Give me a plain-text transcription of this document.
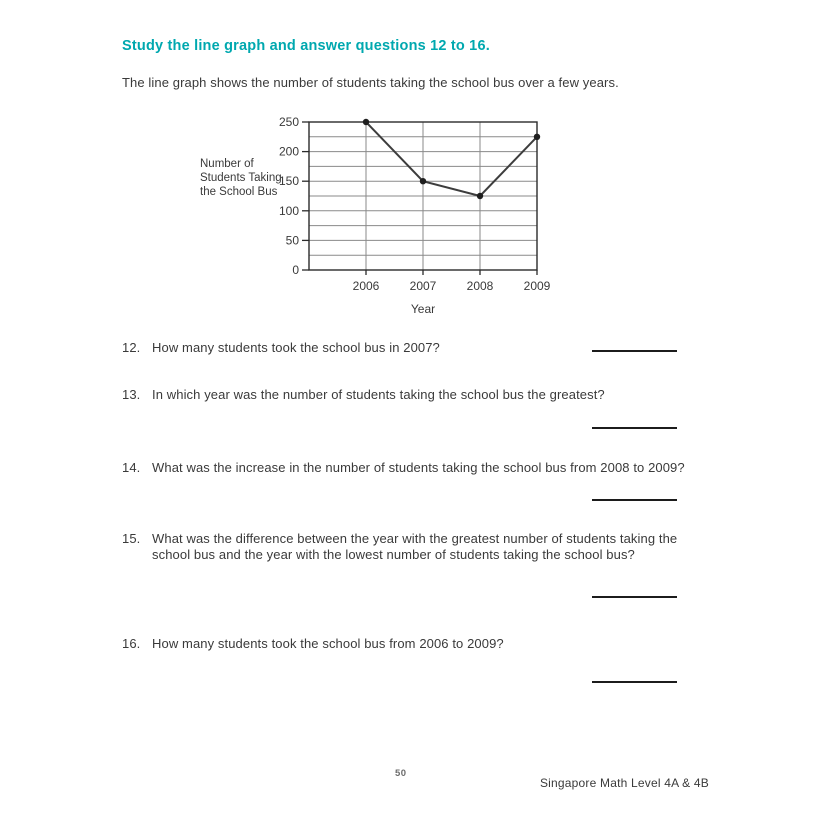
Study the line graph and answer questions 12 to 16.
The line graph shows the number of students taking the school bus over a few years.
Number of
Students Taking
the School Bus
2006	2007	2008	2009
0
50
100
150
200
250
Year
12. How many students took the school bus in 2007?
13. In which year was the number of students taking the school bus the greatest?
14. What was the increase in the number of students taking the school bus from 2008 to 2009?
15. What was the difference between the year with the greatest number of students taking the school bus and the year with the lowest number of students taking the school bus?
16. How many students took the school bus from 2006 to 2009?
50
Singapore Math Level 4A & 4B
